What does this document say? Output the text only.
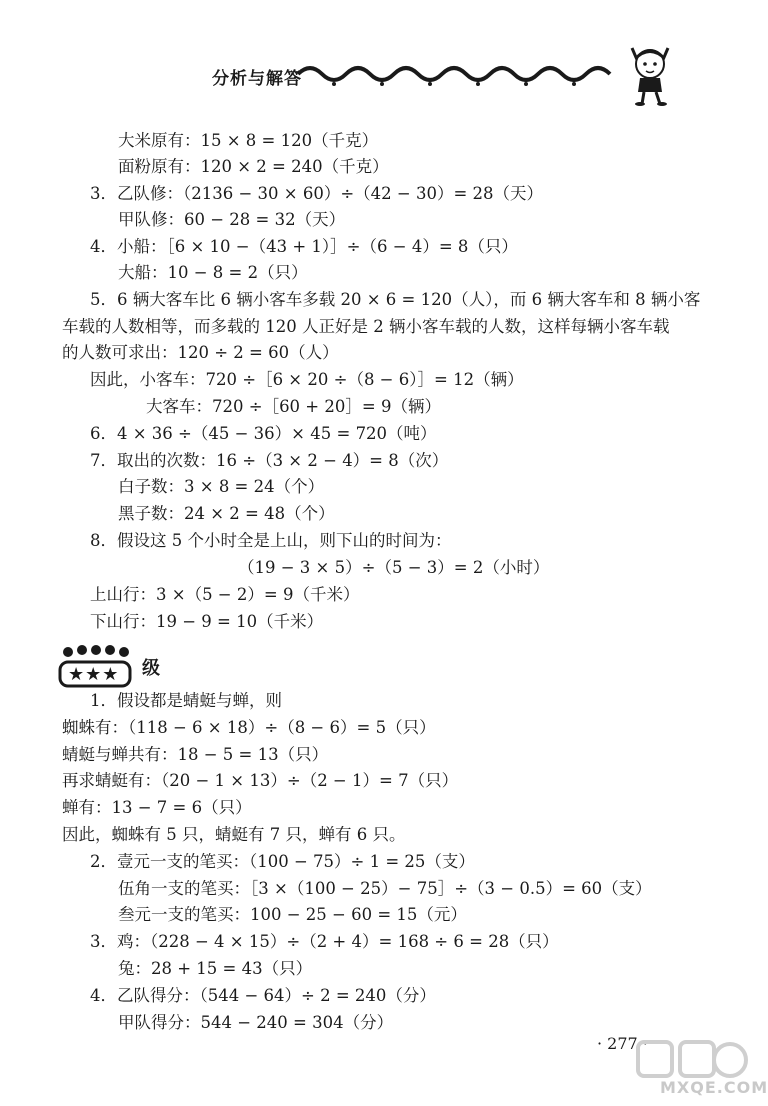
分析与解答
大米原有：15 × 8 = 120（千克）
面粉原有：120 × 2 = 240（千克）
3．乙队修：（2136 − 30 × 60）÷（42 − 30）= 28（天）
甲队修：60 − 28 = 32（天）
4．小船：［6 × 10 −（43 + 1）］÷（6 − 4）= 8（只）
大船：10 − 8 = 2（只）
5．6 辆大客车比 6 辆小客车多载 20 × 6 = 120（人），而 6 辆大客车和 8 辆小客
车载的人数相等，而多载的 120 人正好是 2 辆小客车载的人数，这样每辆小客车载
的人数可求出：120 ÷ 2 = 60（人）
因此，小客车：720 ÷［6 × 20 ÷（8 − 6）］= 12（辆）
大客车：720 ÷［60 + 20］= 9（辆）
6．4 × 36 ÷（45 − 36）× 45 = 720（吨）
7．取出的次数：16 ÷（3 × 2 − 4）= 8（次）
白子数：3 × 8 = 24（个）
黑子数：24 × 2 = 48（个）
8．假设这 5 个小时全是上山，则下山的时间为：
（19 − 3 × 5）÷（5 − 3）= 2（小时）
上山行：3 ×（5 − 2）= 9（千米）
下山行：19 − 9 = 10（千米）
★★★ 级
1．假设都是蜻蜓与蝉，则
蜘蛛有：（118 − 6 × 18）÷（8 − 6）= 5（只）
蜻蜓与蝉共有：18 − 5 = 13（只）
再求蜻蜓有：（20 − 1 × 13）÷（2 − 1）= 7（只）
蝉有：13 − 7 = 6（只）
因此，蜘蛛有 5 只，蜻蜓有 7 只，蝉有 6 只。
2．壹元一支的笔买：（100 − 75）÷ 1 = 25（支）
伍角一支的笔买：［3 ×（100 − 25）− 75］÷（3 − 0.5）= 60（支）
叁元一支的笔买：100 − 25 − 60 = 15（元）
3．鸡：（228 − 4 × 15）÷（2 + 4）= 168 ÷ 6 = 28（只）
兔：28 + 15 = 43（只）
4．乙队得分：（544 − 64）÷ 2 = 240（分）
甲队得分：544 − 240 = 304（分）
· 277 ·
MXQE.COM
